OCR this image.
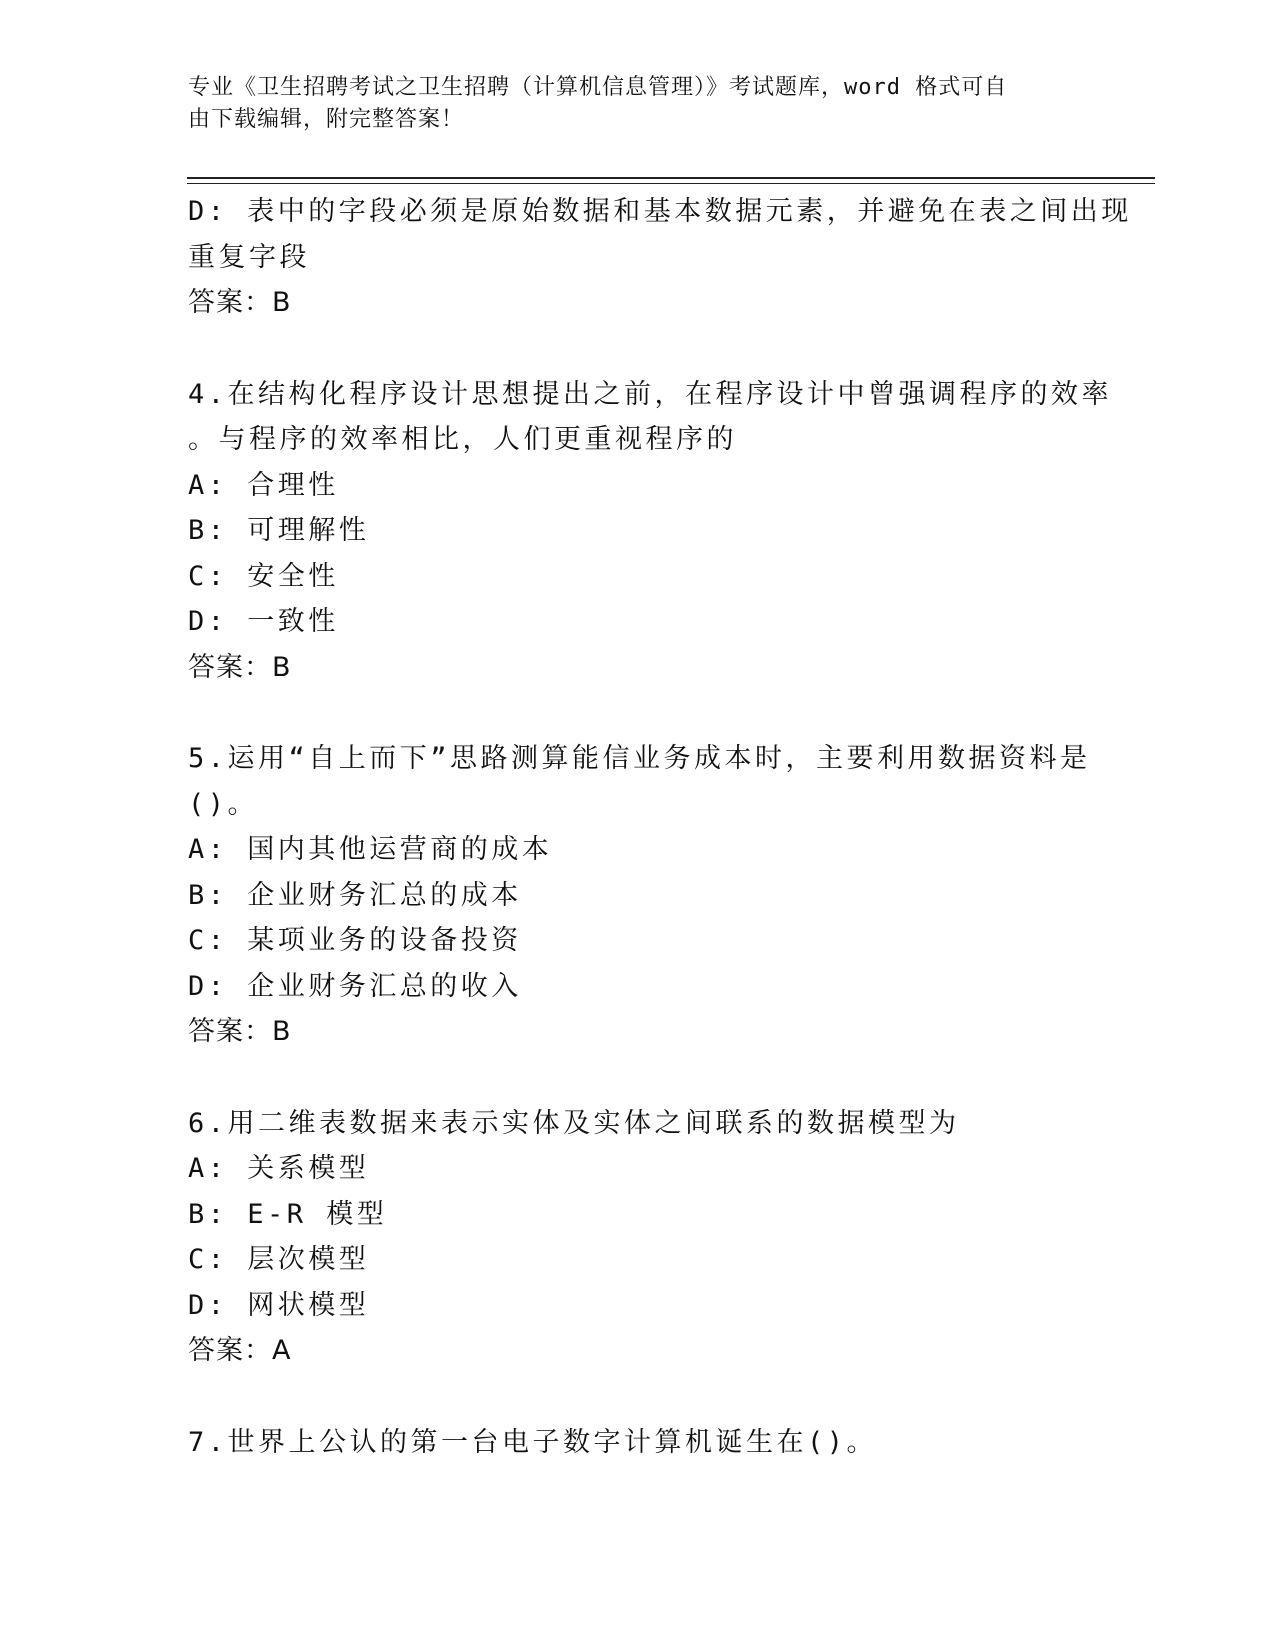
专业《卫生招聘考试之卫生招聘（计算机信息管理）》考试题库，word 格式可自
由下载编辑，附完整答案！
D: 表中的字段必须是原始数据和基本数据元素，并避免在表之间出现
重复字段
答案：B
4.在结构化程序设计思想提出之前，在程序设计中曾强调程序的效率
。与程序的效率相比，人们更重视程序的
A: 合理性
B: 可理解性
C: 安全性
D: 一致性
答案：B
5.运用“自上而下”思路测算能信业务成本时，主要利用数据资料是
()。
A: 国内其他运营商的成本
B: 企业财务汇总的成本
C: 某项业务的设备投资
D: 企业财务汇总的收入
答案：B
6.用二维表数据来表示实体及实体之间联系的数据模型为
A: 关系模型
B: E-R 模型
C: 层次模型
D: 网状模型
答案：A
7.世界上公认的第一台电子数字计算机诞生在()。
